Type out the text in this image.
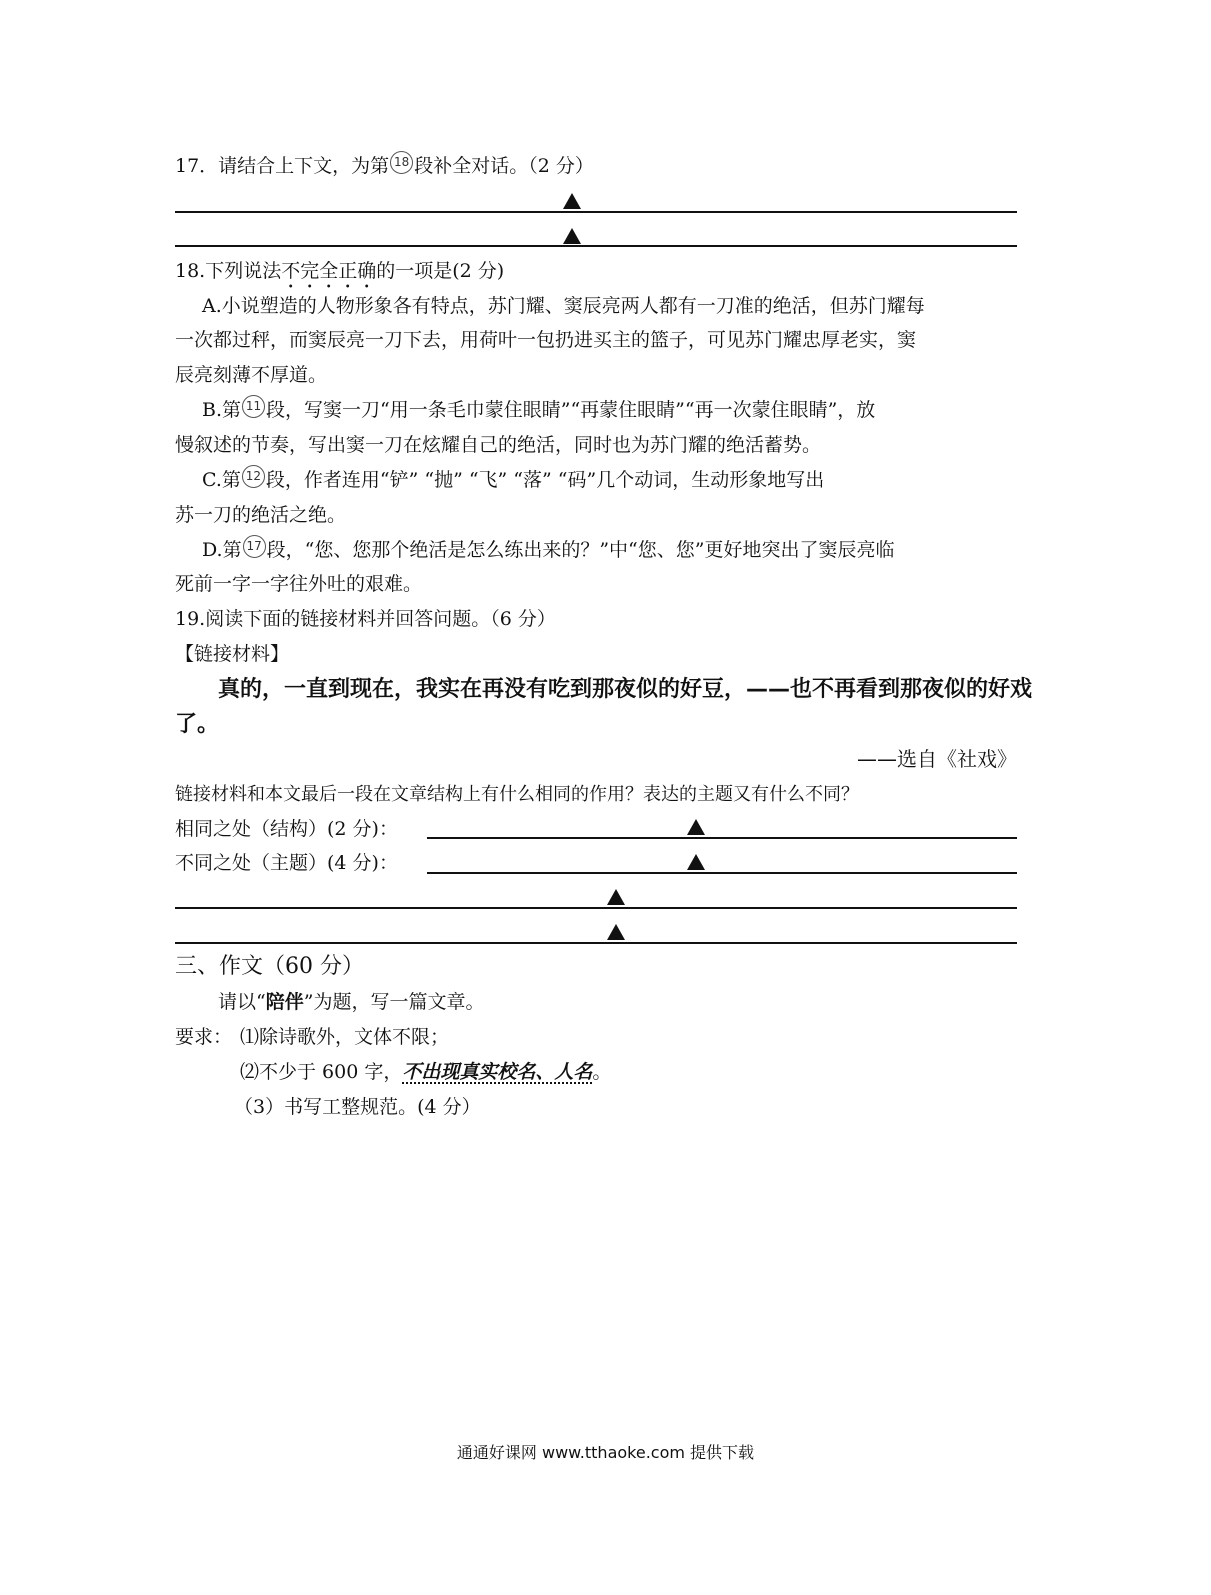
17．请结合上下文，为第 18 段补全对话。（2 分）
18.下列说法不完全正确的一项是(2 分)
A.小说塑造的人物形象各有特点，苏门耀、窦辰亮两人都有一刀准的绝活，但苏门耀每
一次都过秤，而窦辰亮一刀下去，用荷叶一包扔进买主的篮子，可见苏门耀忠厚老实，窦
辰亮刻薄不厚道。
B.第 11 段，写窦一刀“用一条毛巾蒙住眼睛”“再蒙住眼睛”“再一次蒙住眼睛”，放
慢叙述的节奏，写出窦一刀在炫耀自己的绝活，同时也为苏门耀的绝活蓄势。
C.第 12 段，作者连用“铲” “抛” “飞” “落” “码”几个动词，生动形象地写出
苏一刀的绝活之绝。
D.第 17 段，“您、您那个绝活是怎么练出来的？”中“您、您”更好地突出了窦辰亮临
死前一字一字往外吐的艰难。
19.阅读下面的链接材料并回答问题。（6 分）
【链接材料】
真的，一直到现在，我实在再没有吃到那夜似的好豆，——也不再看到那夜似的好戏
了。
——选自《社戏》
链接材料和本文最后一段在文章结构上有什么相同的作用？表达的主题又有什么不同？
相同之处（结构）(2 分)：
不同之处（主题）(4 分)：
三、作文（60 分）
请以“陪伴”为题，写一篇文章。
要求： ⑴除诗歌外，文体不限；
⑵不少于 600 字，不出现真实校名、人名。
（3）书写工整规范。(4 分）
通通好课网 www.tthaoke.com 提供下载
